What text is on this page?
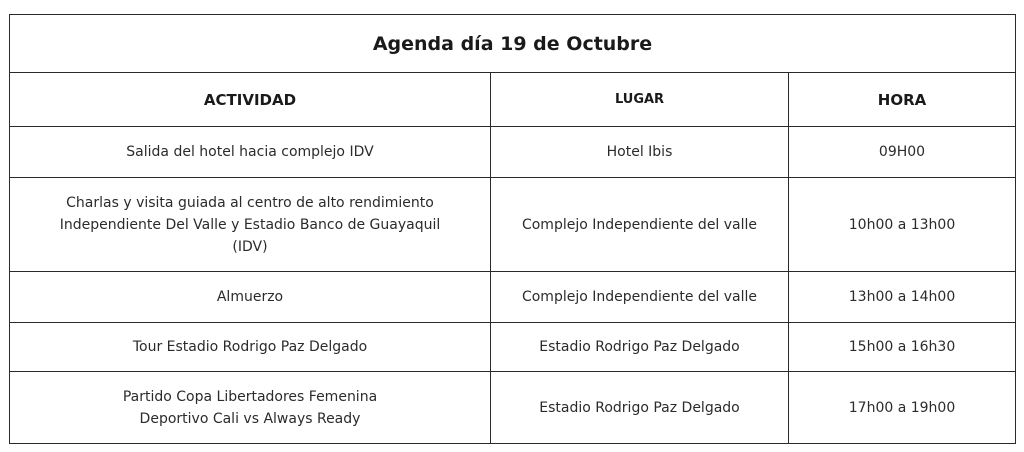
Agenda día 19 de Octubre		
ACTIVIDAD	LUGAR	HORA
Salida del hotel hacia complejo IDV	Hotel Ibis	09H00
Charlas y visita guiada al centro de alto rendimiento
Independiente Del Valle y Estadio Banco de Guayaquil
(IDV)	Complejo Independiente del valle	10h00 a 13h00
Almuerzo	Complejo Independiente del valle	13h00 a 14h00
Tour Estadio Rodrigo Paz Delgado	Estadio Rodrigo Paz Delgado	15h00 a 16h30
Partido Copa Libertadores Femenina
Deportivo Cali vs Always Ready	Estadio Rodrigo Paz Delgado	17h00 a 19h00
